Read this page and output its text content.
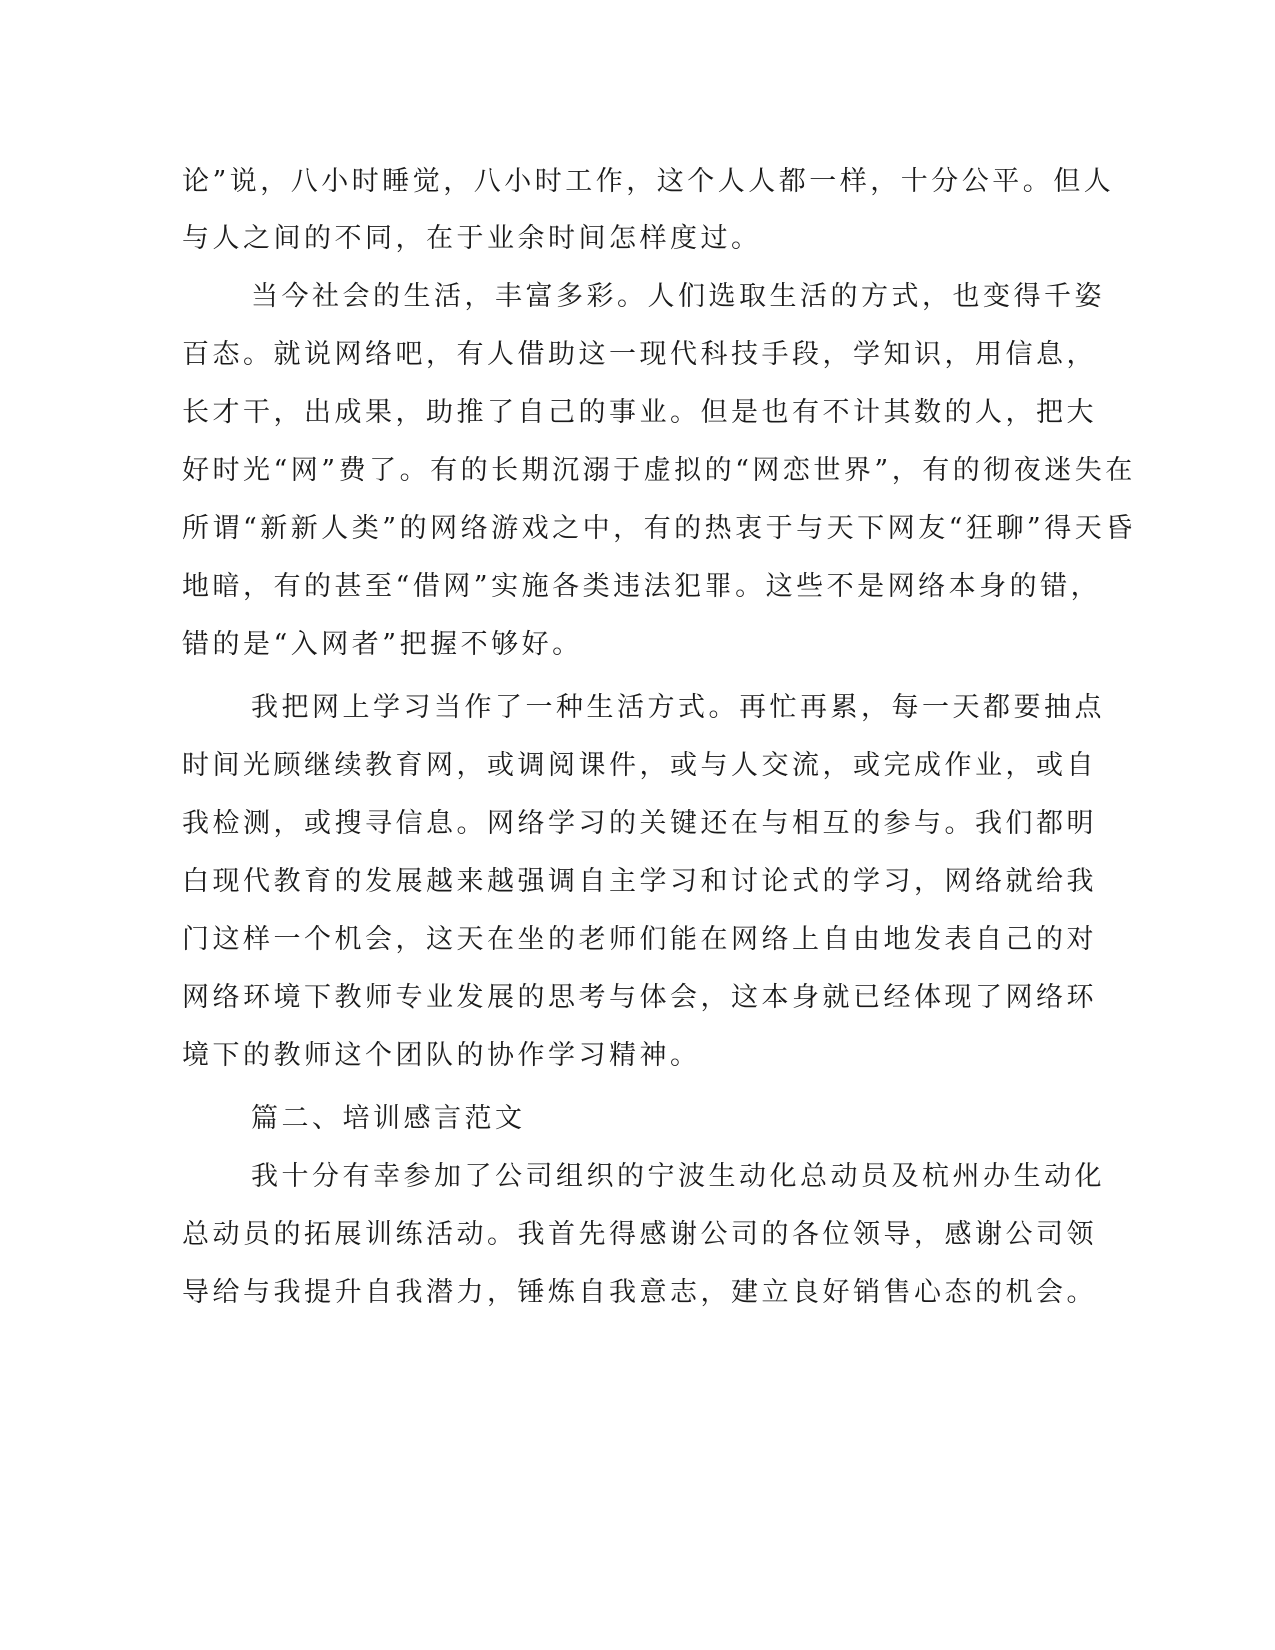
论”说，八小时睡觉，八小时工作，这个人人都一样，十分公平。但人
与人之间的不同，在于业余时间怎样度过。
当今社会的生活，丰富多彩。人们选取生活的方式，也变得千姿
百态。就说网络吧，有人借助这一现代科技手段，学知识，用信息，
长才干，出成果，助推了自己的事业。但是也有不计其数的人，把大
好时光“网”费了。有的长期沉溺于虚拟的“网恋世界”，有的彻夜迷失在
所谓“新新人类”的网络游戏之中，有的热衷于与天下网友“狂聊”得天昏
地暗，有的甚至“借网”实施各类违法犯罪。这些不是网络本身的错，
错的是“入网者”把握不够好。
我把网上学习当作了一种生活方式。再忙再累，每一天都要抽点
时间光顾继续教育网，或调阅课件，或与人交流，或完成作业，或自
我检测，或搜寻信息。网络学习的关键还在与相互的参与。我们都明
白现代教育的发展越来越强调自主学习和讨论式的学习，网络就给我
门这样一个机会，这天在坐的老师们能在网络上自由地发表自己的对
网络环境下教师专业发展的思考与体会，这本身就已经体现了网络环
境下的教师这个团队的协作学习精神。
篇二、培训感言范文
我十分有幸参加了公司组织的宁波生动化总动员及杭州办生动化
总动员的拓展训练活动。我首先得感谢公司的各位领导，感谢公司领
导给与我提升自我潜力，锤炼自我意志，建立良好销售心态的机会。
